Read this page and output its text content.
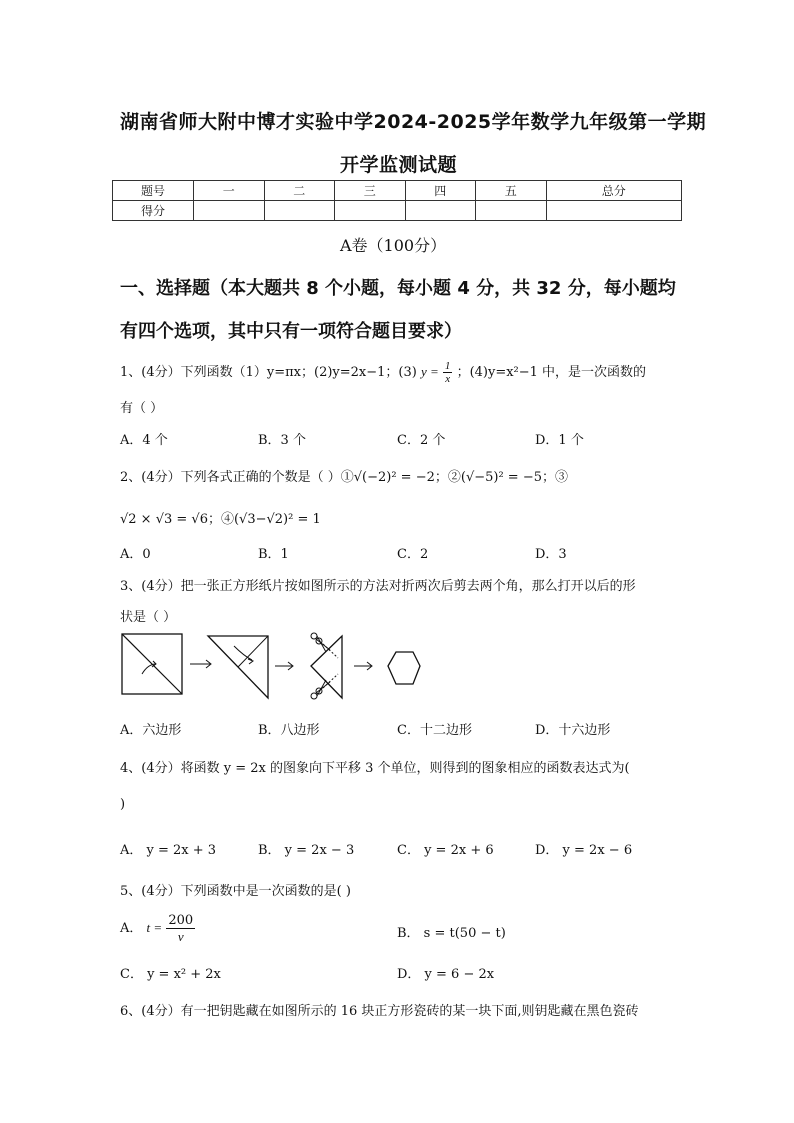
湖南省师大附中博才实验中学2024-2025学年数学九年级第一学期
开学监测试题
题号	一	二	三	四	五	总分
得分						
A卷（100分）
一、选择题（本大题共 8 个小题，每小题 4 分，共 32 分，每小题均
有四个选项，其中只有一项符合题目要求）
1、(4分）下列函数（1）y=πx；(2)y=2x−1；(3) $y = \frac{1}{x}$ ；(4)y=x²−1 中，是一次函数的
有（ ）
A．4 个	B．3 个	C．2 个	D．1 个
2、(4分）下列各式正确的个数是（ ）①√(−2)² = −2；②(√−5)² = −5；③
√2 × √3 = √6；④(√3−√2)² = 1
A．0	B．1	C．2	D．3
3、(4分）把一张正方形纸片按如图所示的方法对折两次后剪去两个角，那么打开以后的形
状是（ ）
A．六边形	B．八边形	C．十二边形	D．十六边形
4、(4分）将函数 y = 2x 的图象向下平移 3 个单位，则得到的图象相应的函数表达式为(
)
A． y = 2x + 3	B． y = 2x − 3	C． y = 2x + 6	D． y = 2x − 6
5、(4分）下列函数中是一次函数的是( )
A． $t = \frac{200}{v}$	B． s = t(50 − t)
C． y = x² + 2x	D． y = 6 − 2x
6、(4分）有一把钥匙藏在如图所示的 16 块正方形瓷砖的某一块下面,则钥匙藏在黑色瓷砖
